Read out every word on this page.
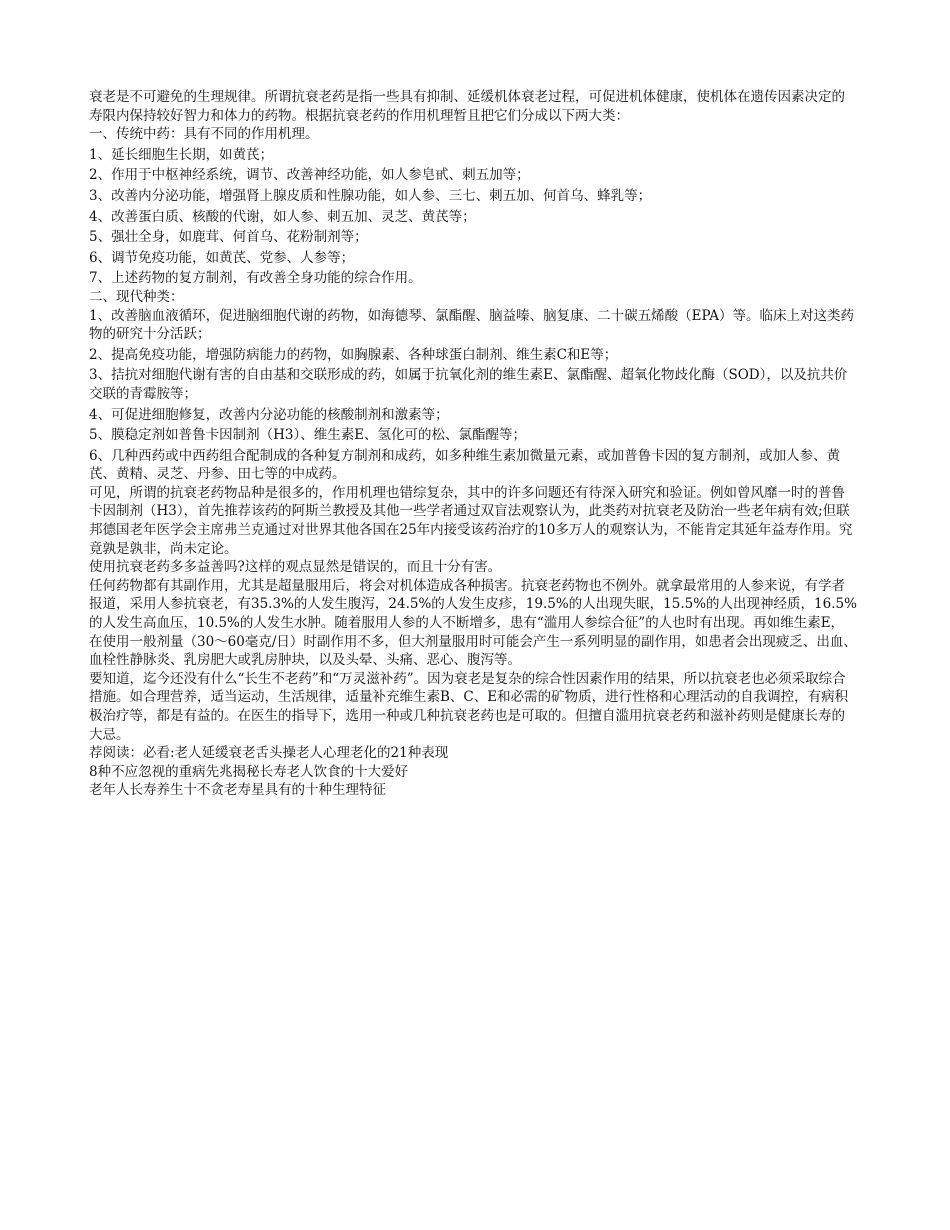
衰老是不可避免的生理规律。所谓抗衰老药是指一些具有抑制、延缓机体衰老过程，可促进机体健康，使机体在遗传因素决定的寿限内保持较好智力和体力的药物。根据抗衰老药的作用机理暂且把它们分成以下两大类：

一、传统中药：具有不同的作用机理。

1、延长细胞生长期，如黄芪；

2、作用于中枢神经系统，调节、改善神经功能，如人参皂甙、刺五加等；

3、改善内分泌功能，增强肾上腺皮质和性腺功能，如人参、三七、刺五加、何首乌、蜂乳等；

4、改善蛋白质、核酸的代谢，如人参、刺五加、灵芝、黄芪等；

5、强壮全身，如鹿茸、何首乌、花粉制剂等；

6、调节免疫功能，如黄芪、党参、人参等；

7、上述药物的复方制剂，有改善全身功能的综合作用。

二、现代种类：

1、改善脑血液循环，促进脑细胞代谢的药物，如海德琴、氯酯醒、脑益嗪、脑复康、二十碳五烯酸（EPA）等。临床上对这类药物的研究十分活跃；

2、提高免疫功能，增强防病能力的药物，如胸腺素、各种球蛋白制剂、维生素C和E等；

3、拮抗对细胞代谢有害的自由基和交联形成的药，如属于抗氧化剂的维生素E、氯酯醒、超氧化物歧化酶（SOD），以及抗共价交联的青霉胺等；

4、可促进细胞修复，改善内分泌功能的核酸制剂和激素等；

5、膜稳定剂如普鲁卡因制剂（H3）、维生素E、氢化可的松、氯酯醒等；

6、几种西药或中西药组合配制成的各种复方制剂和成药，如多种维生素加微量元素，或加普鲁卡因的复方制剂，或加人参、黄芪、黄精、灵芝、丹参、田七等的中成药。

可见，所谓的抗衰老药物品种是很多的，作用机理也错综复杂，其中的许多问题还有待深入研究和验证。例如曾风靡一时的普鲁卡因制剂（H3），首先推荐该药的阿斯兰教授及其他一些学者通过双盲法观察认为，此类药对抗衰老及防治一些老年病有效;但联邦德国老年医学会主席弗兰克通过对世界其他各国在25年内接受该药治疗的10多万人的观察认为，不能肯定其延年益寿作用。究竟孰是孰非，尚未定论。

使用抗衰老药多多益善吗?这样的观点显然是错误的，而且十分有害。

任何药物都有其副作用，尤其是超量服用后，将会对机体造成各种损害。抗衰老药物也不例外。就拿最常用的人参来说，有学者报道，采用人参抗衰老，有35.3%的人发生腹泻，24.5%的人发生皮疹，19.5%的人出现失眠，15.5%的人出现神经质，16.5%的人发生高血压，10.5%的人发生水肿。随着服用人参的人不断增多，患有“滥用人参综合征”的人也时有出现。再如维生素E，在使用一般剂量（30～60毫克/日）时副作用不多，但大剂量服用时可能会产生一系列明显的副作用，如患者会出现疲乏、出血、血栓性静脉炎、乳房肥大或乳房肿块，以及头晕、头痛、恶心、腹泻等。

要知道，迄今还没有什么“长生不老药”和“万灵滋补药”。因为衰老是复杂的综合性因素作用的结果，所以抗衰老也必须采取综合措施。如合理营养，适当运动，生活规律，适量补充维生素B、C、E和必需的矿物质，进行性格和心理活动的自我调控，有病积极治疗等，都是有益的。在医生的指导下，选用一种或几种抗衰老药也是可取的。但擅自滥用抗衰老药和滋补药则是健康长寿的大忌。

荐阅读：必看:老人延缓衰老舌头操老人心理老化的21种表现
8种不应忽视的重病先兆揭秘长寿老人饮食的十大爱好
老年人长寿养生十不贪老寿星具有的十种生理特征
